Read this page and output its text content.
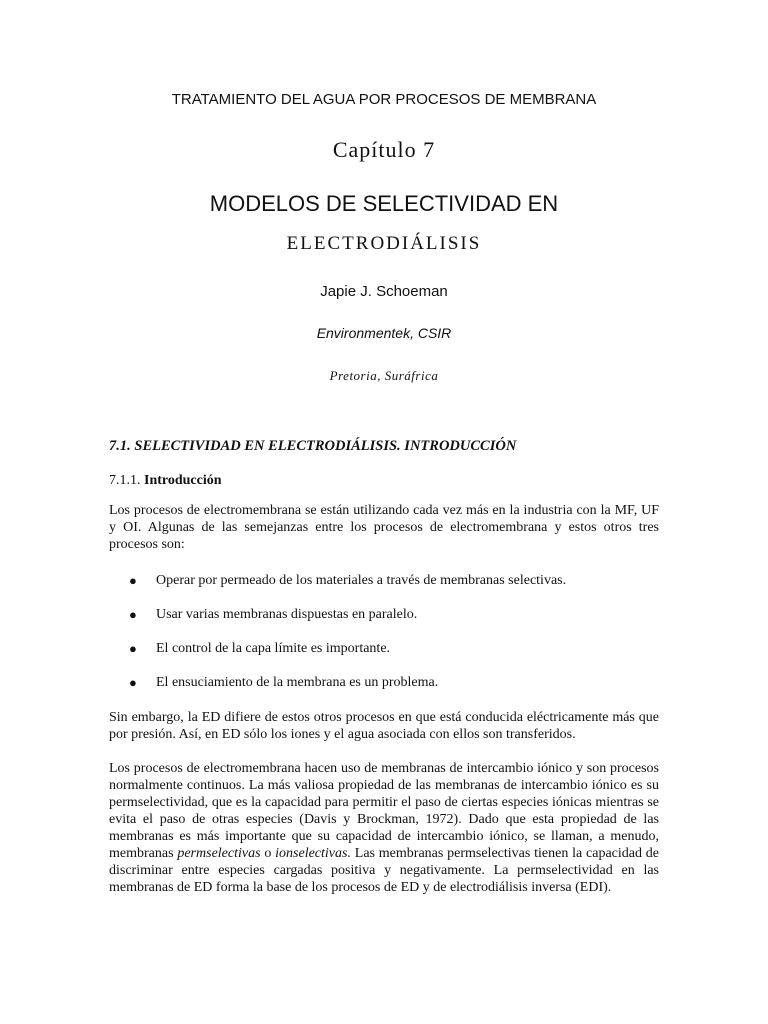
TRATAMIENTO DEL AGUA POR PROCESOS DE MEMBRANA
Capítulo 7
MODELOS DE SELECTIVIDAD EN
ELECTRODIÁLISIS
Japie J. Schoeman
Environmentek, CSIR
Pretoria, Suráfrica
7.1. SELECTIVIDAD EN ELECTRODIÁLISIS. INTRODUCCIÓN
7.1.1. Introducción
Los procesos de electromembrana se están utilizando cada vez más en la industria con la MF, UF y OI. Algunas de las semejanzas entre los procesos de electromembrana y estos otros tres procesos son:
● Operar por permeado de los materiales a través de membranas selectivas.
● Usar varias membranas dispuestas en paralelo.
● El control de la capa límite es importante.
● El ensuciamiento de la membrana es un problema.
Sin embargo, la ED difiere de estos otros procesos en que está conducida eléctricamente más que por presión. Así, en ED sólo los iones y el agua asociada con ellos son transferidos.
Los procesos de electromembrana hacen uso de membranas de intercambio iónico y son procesos normalmente continuos. La más valiosa propiedad de las membranas de intercambio iónico es su permselectividad, que es la capacidad para permitir el paso de ciertas especies iónicas mientras se evita el paso de otras especies (Davis y Brockman, 1972). Dado que esta propiedad de las membranas es más importante que su capacidad de intercambio iónico, se llaman, a menudo, membranas permselectivas o ionselectivas. Las membranas permselectivas tienen la capacidad de discriminar entre especies cargadas positiva y negativamente. La permselectividad en las membranas de ED forma la base de los procesos de ED y de electrodiálisis inversa (EDI).
